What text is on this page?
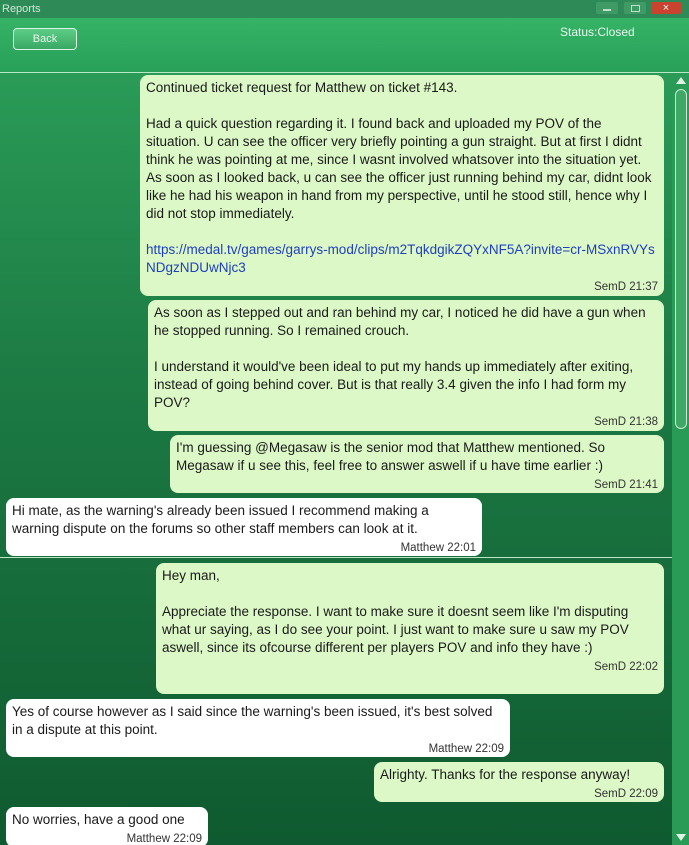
Reports	×
Back	Status:Closed
Continued ticket request for Matthew on ticket #143.

Had a quick question regarding it. I found back and uploaded my POV of the situation. U can see the officer very briefly pointing a gun straight. But at first I didnt think he was pointing at me, since I wasnt involved whatsover into the situation yet. As soon as I looked back, u can see the officer just running behind my car, didnt look like he had his weapon in hand from my perspective, until he stood still, hence why I did not stop immediately.
https://medal.tv/games/garrys-mod/clips/m2TqkdgikZQYxNF5A?invite=cr-MSxnRVYsNDgzNDUwNjc3
SemD 21:37
As soon as I stepped out and ran behind my car, I noticed he did have a gun when he stopped running. So I remained crouch.

I understand it would've been ideal to put my hands up immediately after exiting, instead of going behind cover. But is that really 3.4 given the info I had form my POV?
SemD 21:38
I'm guessing @Megasaw is the senior mod that Matthew mentioned. So Megasaw if u see this, feel free to answer aswell if u have time earlier :)
SemD 21:41
Hi mate, as the warning's already been issued I recommend making a warning dispute on the forums so other staff members can look at it.
Matthew 22:01
Hey man,

Appreciate the response. I want to make sure it doesnt seem like I'm disputing what ur saying, as I do see your point. I just want to make sure u saw my POV aswell, since its ofcourse different per players POV and info they have :)
SemD 22:02
Yes of course however as I said since the warning's been issued, it's best solved in a dispute at this point.
Matthew 22:09
Alrighty. Thanks for the response anyway!
SemD 22:09
No worries, have a good one
Matthew 22:09
